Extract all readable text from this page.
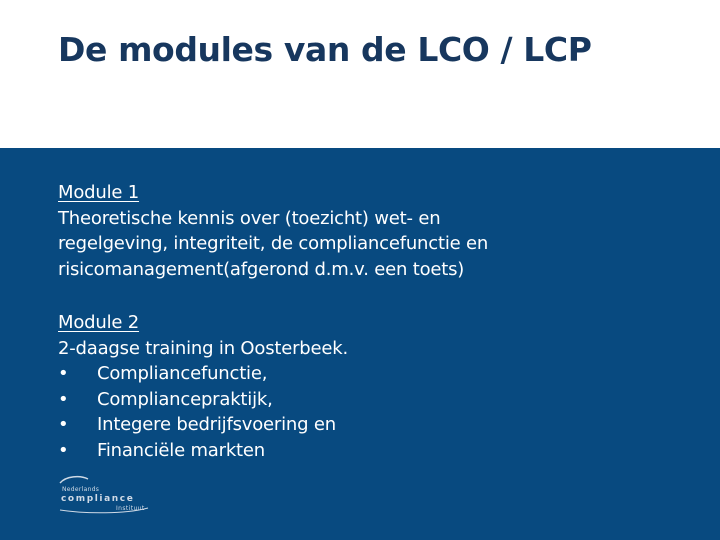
De modules van de LCO / LCP

Module 1

Theoretische kennis over (toezicht) wet- en

regelgeving, integriteit, de compliancefunctie en

risicomanagement(afgerond d.m.v. een toets)

Module 2

2-daagse training in Oosterbeek.

• Compliancefunctie,
• Compliancepraktijk,
• Integere bedrijfsvoering en
• Financiële markten
Nederlands
compliance
Instituut
